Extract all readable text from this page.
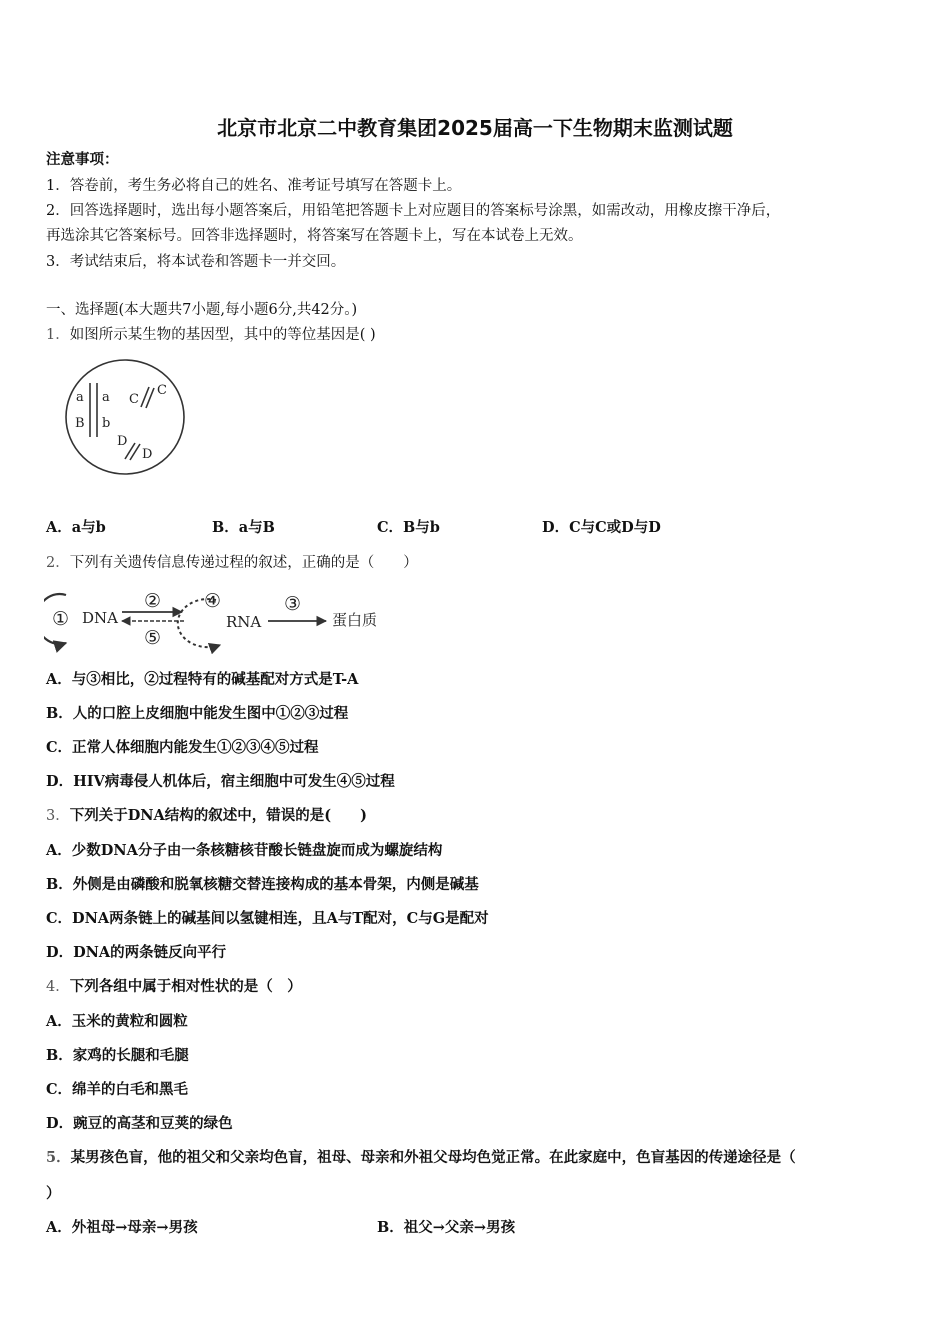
北京市北京二中教育集团2025届高一下生物期末监测试题
注意事项：
1．答卷前，考生务必将自己的姓名、准考证号填写在答题卡上。
2．回答选择题时，选出每小题答案后，用铅笔把答题卡上对应题目的答案标号涂黑，如需改动，用橡皮擦干净后，
再选涂其它答案标号。回答非选择题时，将答案写在答题卡上，写在本试卷上无效。
3．考试结束后，将本试卷和答题卡一并交回。
一、选择题(本大题共7小题,每小题6分,共42分。)
1．如图所示某生物的基因型，其中的等位基因是( )
a a
B b
C
C
D
D
A．a与b	B．a与B	C．B与b	D．C与C或D与D
2．下列有关遗传信息传递过程的叙述，正确的是（　　）
① DNA
②
⑤
④
RNA
③
蛋白质
A．与③相比，②过程特有的碱基配对方式是T-A
B．人的口腔上皮细胞中能发生图中①②③过程
C．正常人体细胞内能发生①②③④⑤过程
D．HIV病毒侵人机体后，宿主细胞中可发生④⑤过程
3．下列关于DNA结构的叙述中，错误的是(　　)
A．少数DNA分子由一条核糖核苷酸长链盘旋而成为螺旋结构
B．外侧是由磷酸和脱氧核糖交替连接构成的基本骨架，内侧是碱基
C．DNA两条链上的碱基间以氢键相连，且A与T配对，C与G是配对
D．DNA的两条链反向平行
4．下列各组中属于相对性状的是（　）
A．玉米的黄粒和圆粒
B．家鸡的长腿和毛腿
C．绵羊的白毛和黑毛
D．豌豆的高茎和豆荚的绿色
5．某男孩色盲，他的祖父和父亲均色盲，祖母、母亲和外祖父母均色觉正常。在此家庭中，色盲基因的传递途径是（
）
A．外祖母→母亲→男孩	B．祖父→父亲→男孩
